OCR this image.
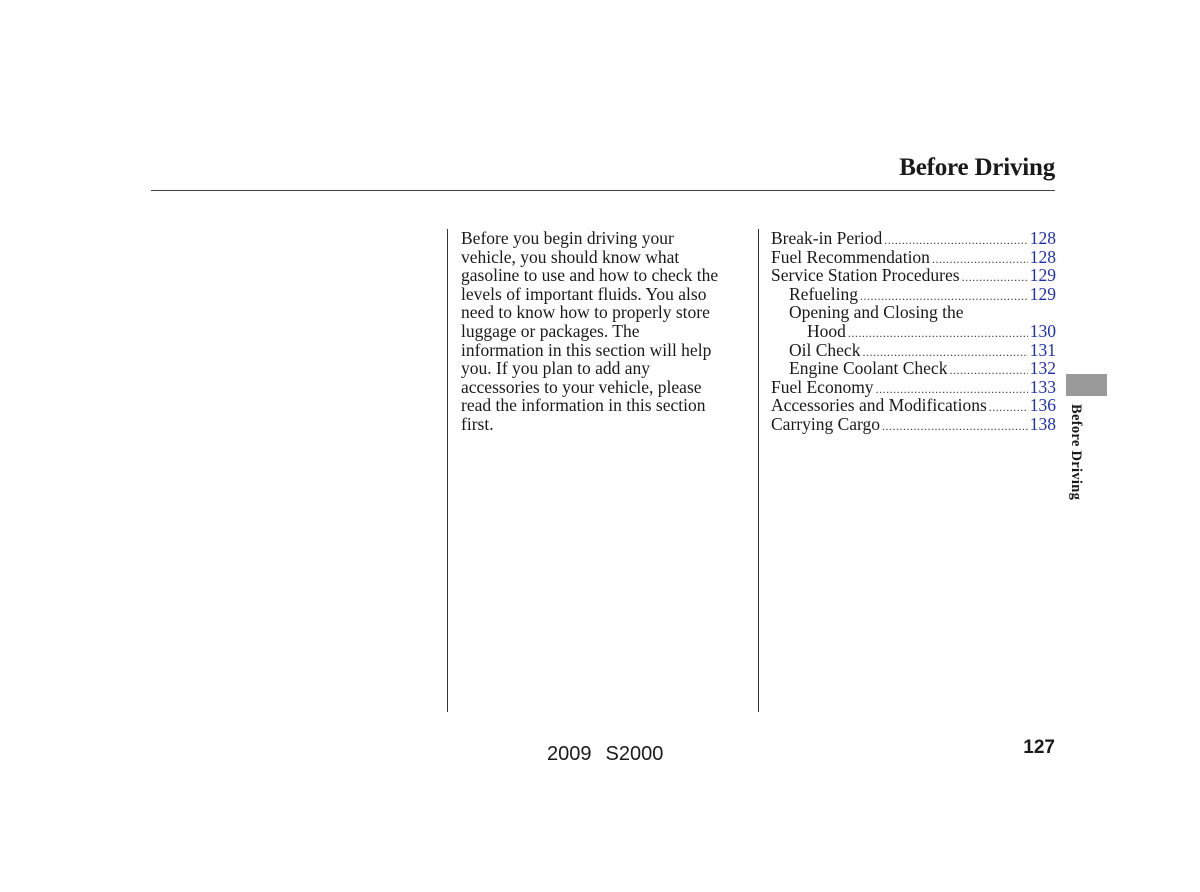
Before Driving
Before you begin driving your
vehicle, you should know what
gasoline to use and how to check the
levels of important fluids. You also
need to know how to properly store
luggage or packages. The
information in this section will help
you. If you plan to add any
accessories to your vehicle, please
read the information in this section
first.
Break-in Period .....	128
Fuel Recommendation .....	128
Service Station Procedures .....	129
Refueling .....	129
Opening and Closing the
Hood .....	130
Oil Check .....	131
Engine Coolant Check .....	132
Fuel Economy .....	133
Accessories and Modifications ..... 136
Carrying Cargo .....	138 Before Driving
2009 S2000	127
